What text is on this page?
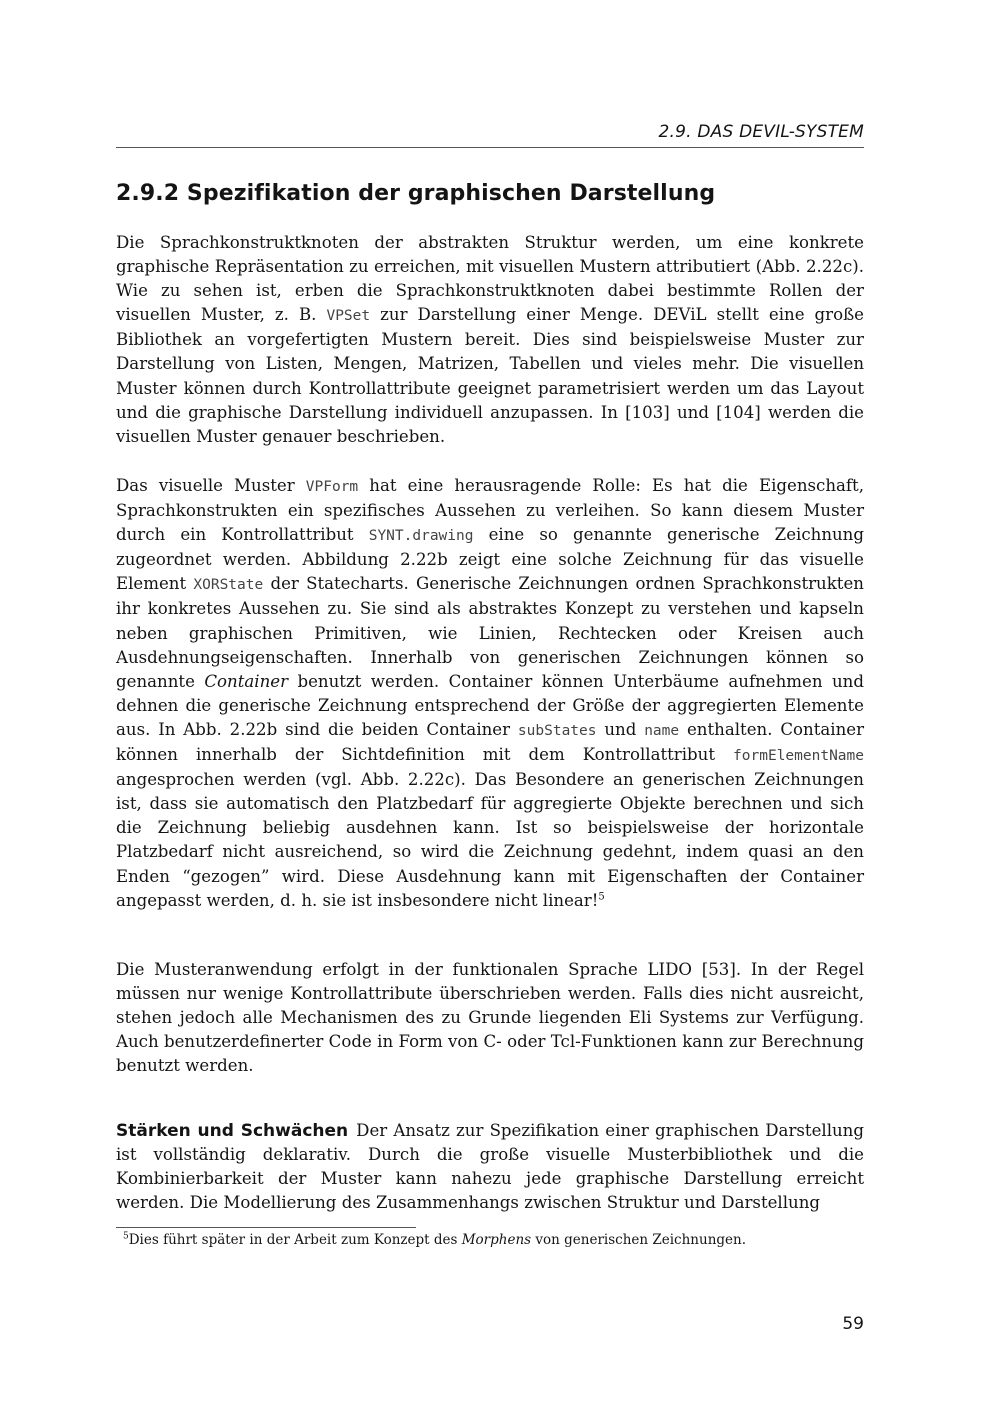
2.9. DAS DEVIL-SYSTEM
2.9.2 Spezifikation der graphischen Darstellung

Die Sprachkonstruktknoten der abstrakten Struktur werden, um eine konkrete graphische Repräsentation zu erreichen, mit visuellen Mustern attributiert (Abb. 2.22c). Wie zu sehen ist, erben die Sprachkonstruktknoten dabei bestimmte Rollen der visuellen Muster, z. B. VPSet zur Darstellung einer Menge. DEViL stellt eine große Bibliothek an vorgefertigten Mustern bereit. Dies sind beispielsweise Muster zur Darstellung von Listen, Mengen, Matrizen, Tabellen und vieles mehr. Die visuellen Muster können durch Kontrollattribute geeignet parametrisiert werden um das Layout und die graphische Darstellung individuell anzupassen. In [103] und [104] werden die visuellen Muster genauer beschrieben.

Das visuelle Muster VPForm hat eine herausragende Rolle: Es hat die Eigenschaft, Sprachkonstrukten ein spezifisches Aussehen zu verleihen. So kann diesem Muster durch ein Kontrollattribut SYNT.drawing eine so genannte generische Zeichnung zugeordnet werden. Abbildung 2.22b zeigt eine solche Zeichnung für das visuelle Element XORState der Statecharts. Generische Zeichnungen ordnen Sprachkonstrukten ihr konkretes Aussehen zu. Sie sind als abstraktes Konzept zu verstehen und kapseln neben graphischen Primitiven, wie Linien, Rechtecken oder Kreisen auch Ausdehnungseigenschaften. Innerhalb von generischen Zeichnungen können so genannte Container benutzt werden. Container können Unterbäume aufnehmen und dehnen die generische Zeichnung entsprechend der Größe der aggregierten Elemente aus. In Abb. 2.22b sind die beiden Container subStates und name enthalten. Container können innerhalb der Sichtdefinition mit dem Kontrollattribut formElementName angesprochen werden (vgl. Abb. 2.22c). Das Besondere an generischen Zeichnungen ist, dass sie automatisch den Platzbedarf für aggregierte Objekte berechnen und sich die Zeichnung beliebig ausdehnen kann. Ist so beispielsweise der horizontale Platzbedarf nicht ausreichend, so wird die Zeichnung gedehnt, indem quasi an den Enden “gezogen” wird. Diese Ausdehnung kann mit Eigenschaften der Container angepasst werden, d. h. sie ist insbesondere nicht linear!$^5$

Die Musteranwendung erfolgt in der funktionalen Sprache LIDO [53]. In der Regel müssen nur wenige Kontrollattribute überschrieben werden. Falls dies nicht ausreicht, stehen jedoch alle Mechanismen des zu Grunde liegenden Eli Systems zur Verfügung. Auch benutzerdefinerter Code in Form von C- oder Tcl-Funktionen kann zur Berechnung benutzt werden.

Stärken und Schwächen Der Ansatz zur Spezifikation einer graphischen Darstellung ist vollständig deklarativ. Durch die große visuelle Musterbibliothek und die Kombinierbarkeit der Muster kann nahezu jede graphische Darstellung erreicht werden. Die Modellierung des Zusammenhangs zwischen Struktur und Darstellung

$^5$Dies führt später in der Arbeit zum Konzept des Morphens von generischen Zeichnungen.

59
